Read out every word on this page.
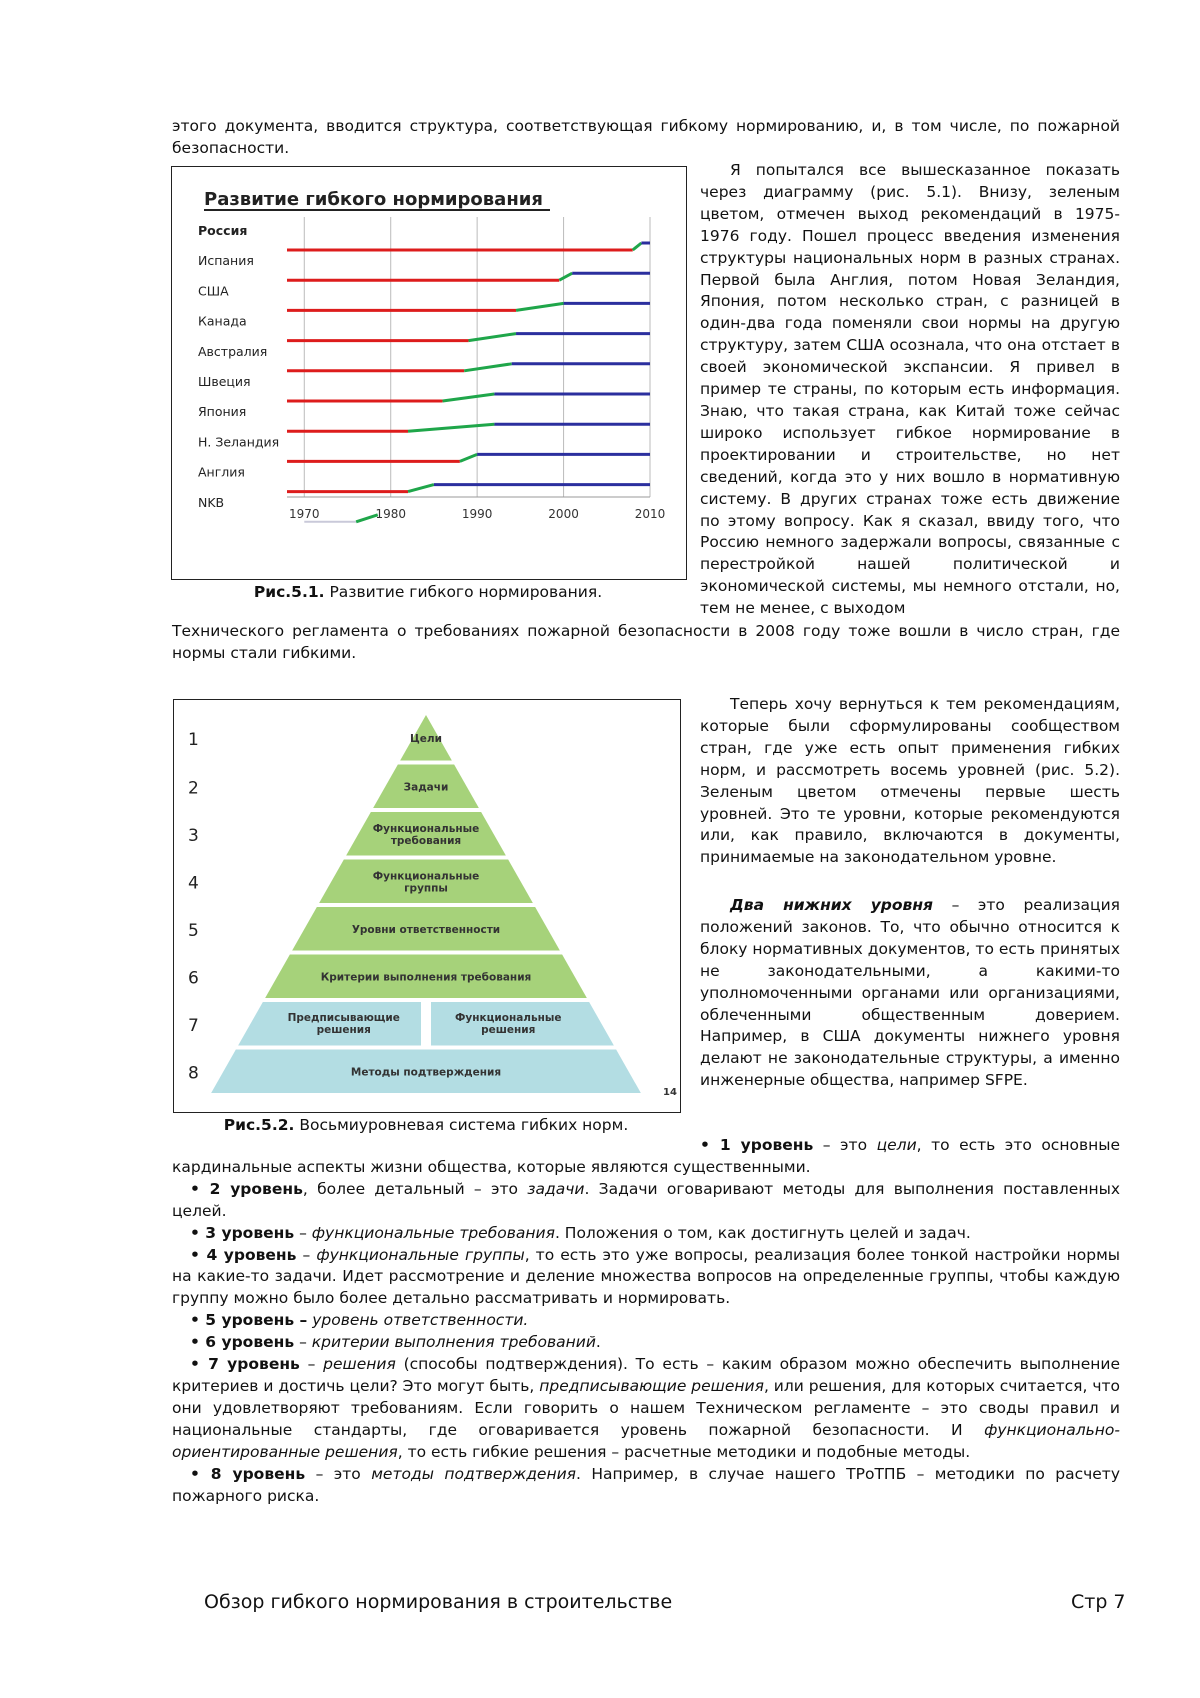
этого документа, вводится структура, соответствующая гибкому нормированию, и, в том числе, по пожарной безопасности.
Развитие гибкого нормирования
Россия
Испания
США
Канада
Австралия
Швеция
Япония
Н. Зеландия
Англия
NKB
1970	1980	1990	2000	2010
Рис.5.1. Развитие гибкого нормирования.
Я попытался все вышесказанное показать через диаграмму (рис. 5.1). Внизу, зеленым цветом, отмечен выход рекомендаций в 1975-1976 году. Пошел процесс введения изменения структуры национальных норм в разных странах. Первой была Англия, потом Новая Зеландия, Япония, потом несколько стран, с разницей в один-два года поменяли свои нормы на другую структуру, затем США осознала, что она отстает в своей экономической экспансии. Я привел в пример те страны, по которым есть информация. Знаю, что такая страна, как Китай тоже сейчас широко использует гибкое нормирование в проектировании и строительстве, но нет сведений, когда это у них вошло в нормативную систему. В других странах тоже есть движение по этому вопросу. Как я сказал, ввиду того, что Россию немного задержали вопросы, связанные с перестройкой нашей политической и экономической системы, мы немного отстали, но, тем не менее, с выходом
Технического регламента о требованиях пожарной безопасности в 2008 году тоже вошли в число стран, где нормы стали гибкими.
1
2
3
4
5
6
7
8
Цели
Задачи
Функциональные требования
Функциональные группы
Уровни ответственности
Критерии выполнения требования
Предписывающие решения
Функциональные решения
Методы подтверждения
14
Рис.5.2. Восьмиуровневая система гибких норм.
Теперь хочу вернуться к тем рекомендациям, которые были сформулированы сообществом стран, где уже есть опыт применения гибких норм, и рассмотреть восемь уровней (рис. 5.2). Зеленым цветом отмечены первые шесть уровней. Это те уровни, которые рекомендуются или, как правило, включаются в документы, принимаемые на законодательном уровне.
Два нижних уровня – это реализация положений законов. То, что обычно относится к блоку нормативных документов, то есть принятых не законодательными, а какими-то уполномоченными органами или организациями, облеченными общественным доверием. Например, в США документы нижнего уровня делают не законодательные структуры, а именно инженерные общества, например SFPE.
• 1 уровень – это цели, то есть это основные кардинальные аспекты жизни общества, которые являются существенными.
• 2 уровень, более детальный – это задачи. Задачи оговаривают методы для выполнения поставленных целей.
• 3 уровень – функциональные требования. Положения о том, как достигнуть целей и задач.
• 4 уровень – функциональные группы, то есть это уже вопросы, реализация более тонкой настройки нормы на какие-то задачи. Идет рассмотрение и деление множества вопросов на определенные группы, чтобы каждую группу можно было более детально рассматривать и нормировать.
• 5 уровень – уровень ответственности.
• 6 уровень – критерии выполнения требований.
• 7 уровень – решения (способы подтверждения). То есть – каким образом можно обеспечить выполнение критериев и достичь цели? Это могут быть, предписывающие решения, или решения, для которых считается, что они удовлетворяют требованиям. Если говорить о нашем Техническом регламенте – это своды правил и национальные стандарты, где оговаривается уровень пожарной безопасности. И функционально-ориентированные решения, то есть гибкие решения – расчетные методики и подобные методы.
• 8 уровень – это методы подтверждения. Например, в случае нашего ТРоТПБ – методики по расчету пожарного риска.
Обзор гибкого нормирования в строительстве	Стр 7
